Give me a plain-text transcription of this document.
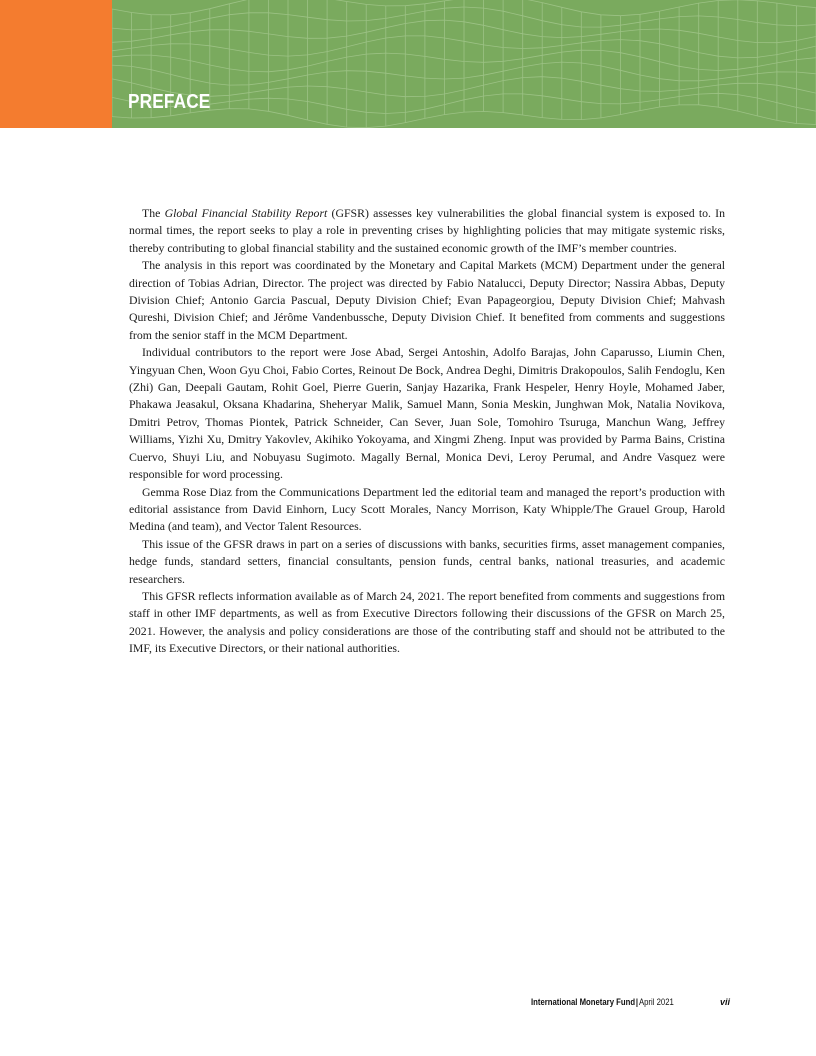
PREFACE

The Global Financial Stability Report (GFSR) assesses key vulnerabilities the global financial system is exposed to. In normal times, the report seeks to play a role in preventing crises by highlighting policies that may mitigate systemic risks, thereby contributing to global financial stability and the sustained economic growth of the IMF’s member countries.

The analysis in this report was coordinated by the Monetary and Capital Markets (MCM) Department under the general direction of Tobias Adrian, Director. The project was directed by Fabio Natalucci, Deputy Director; Nassira Abbas, Deputy Division Chief; Antonio Garcia Pascual, Deputy Division Chief; Evan Papageorgiou, Deputy Division Chief; Mahvash Qureshi, Division Chief; and Jérôme Vandenbussche, Deputy Division Chief. It benefited from comments and suggestions from the senior staff in the MCM Department.

Individual contributors to the report were Jose Abad, Sergei Antoshin, Adolfo Barajas, John Caparusso, Liumin Chen, Yingyuan Chen, Woon Gyu Choi, Fabio Cortes, Reinout De Bock, Andrea Deghi, Dimitris Drakopoulos, Salih Fendoglu, Ken (Zhi) Gan, Deepali Gautam, Rohit Goel, Pierre Guerin, Sanjay Hazarika, Frank Hespeler, Henry Hoyle, Mohamed Jaber, Phakawa Jeasakul, Oksana Khadarina, Sheheryar Malik, Samuel Mann, Sonia Meskin, Junghwan Mok, Natalia Novikova, Dmitri Petrov, Thomas Piontek, Patrick Schneider, Can Sever, Juan Sole, Tomohiro Tsuruga, Manchun Wang, Jeffrey Williams, Yizhi Xu, Dmitry Yakovlev, Akihiko Yokoyama, and Xingmi Zheng. Input was provided by Parma Bains, Cristina Cuervo, Shuyi Liu, and Nobuyasu Sugimoto. Magally Bernal, Monica Devi, Leroy Perumal, and Andre Vasquez were responsible for word processing.

Gemma Rose Diaz from the Communications Department led the editorial team and managed the report’s production with editorial assistance from David Einhorn, Lucy Scott Morales, Nancy Morrison, Katy Whipple/The Grauel Group, Harold Medina (and team), and Vector Talent Resources.

This issue of the GFSR draws in part on a series of discussions with banks, securities firms, asset management companies, hedge funds, standard setters, financial consultants, pension funds, central banks, national treasuries, and academic researchers.

This GFSR reflects information available as of March 24, 2021. The report benefited from comments and suggestions from staff in other IMF departments, as well as from Executive Directors following their discussions of the GFSR on March 25, 2021. However, the analysis and policy considerations are those of the contributing staff and should not be attributed to the IMF, its Executive Directors, or their national authorities.

International Monetary Fund|April 2021	vii
